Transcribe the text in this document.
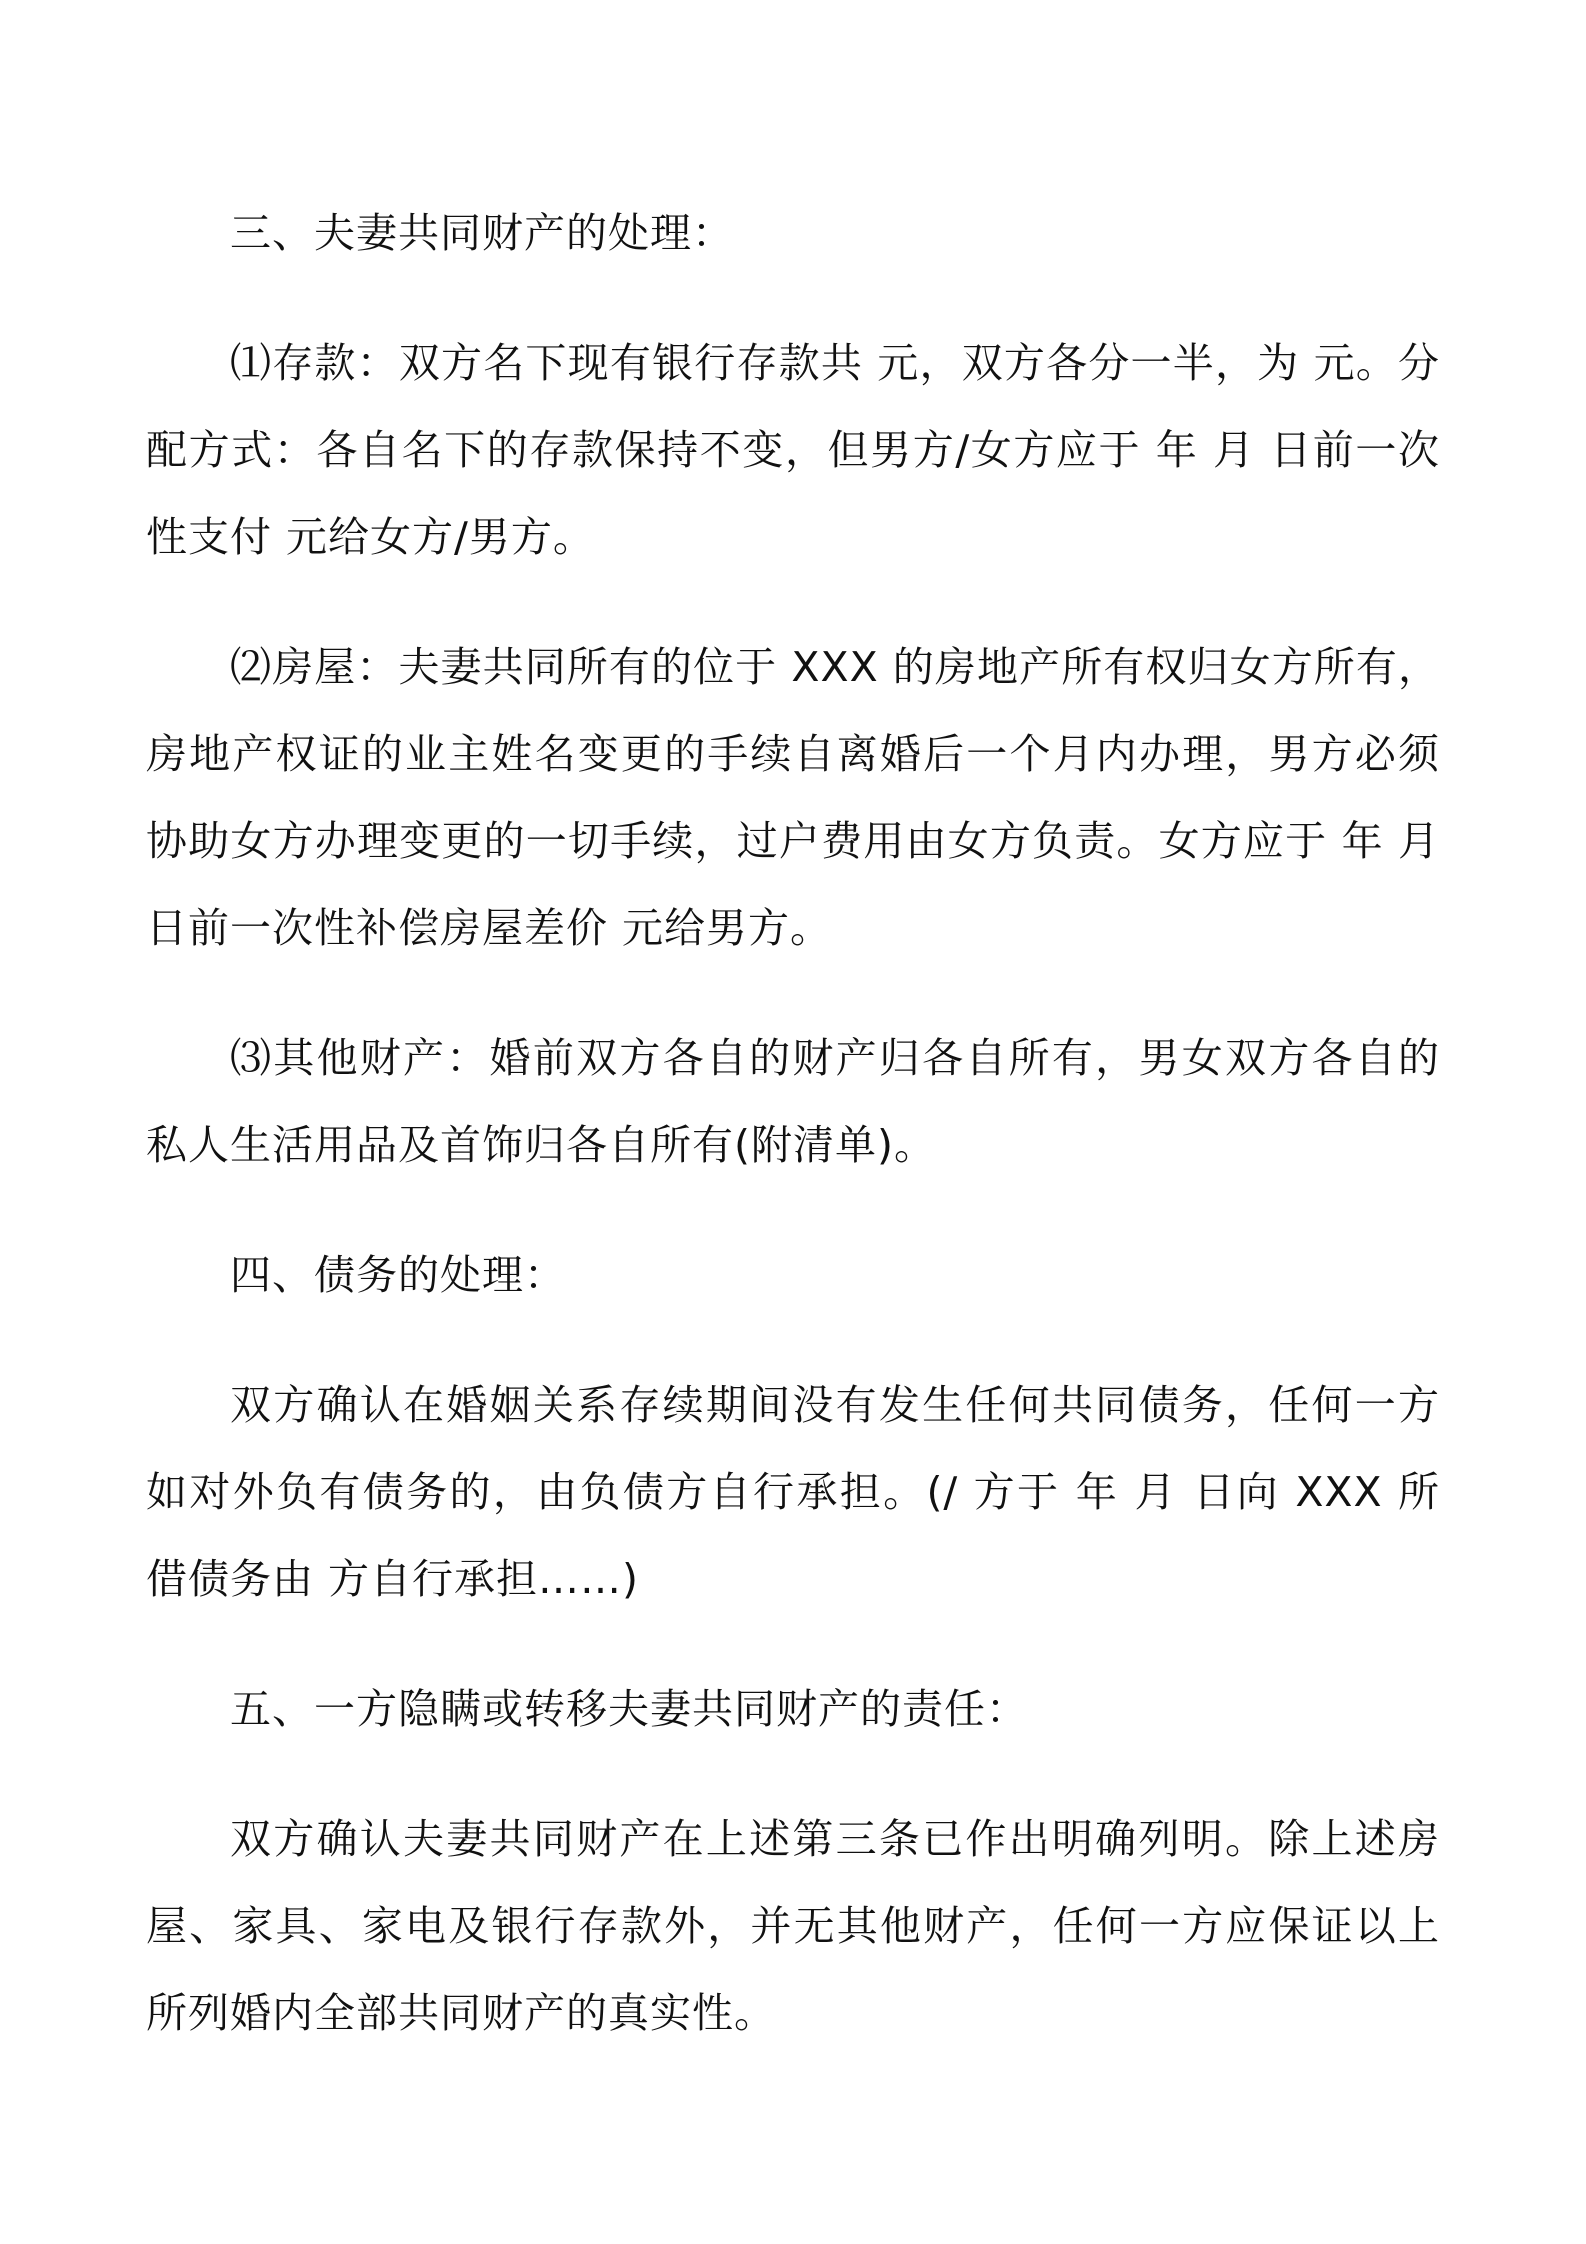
三、夫妻共同财产的处理：
⑴存款：双方名下现有银行存款共 元，双方各分一半，为 元。分配方式：各自名下的存款保持不变，但男方/女方应于 年 月 日前一次性支付 元给女方/男方。
⑵房屋：夫妻共同所有的位于 XXX 的房地产所有权归女方所有，房地产权证的业主姓名变更的手续自离婚后一个月内办理，男方必须协助女方办理变更的一切手续，过户费用由女方负责。女方应于 年 月 日前一次性补偿房屋差价 元给男方。
⑶其他财产：婚前双方各自的财产归各自所有，男女双方各自的私人生活用品及首饰归各自所有(附清单)。
四、债务的处理：
双方确认在婚姻关系存续期间没有发生任何共同债务，任何一方如对外负有债务的，由负债方自行承担。(/ 方于 年 月 日向 XXX 所借债务由 方自行承担……)
五、一方隐瞒或转移夫妻共同财产的责任：
双方确认夫妻共同财产在上述第三条已作出明确列明。除上述房屋、家具、家电及银行存款外，并无其他财产，任何一方应保证以上所列婚内全部共同财产的真实性。
